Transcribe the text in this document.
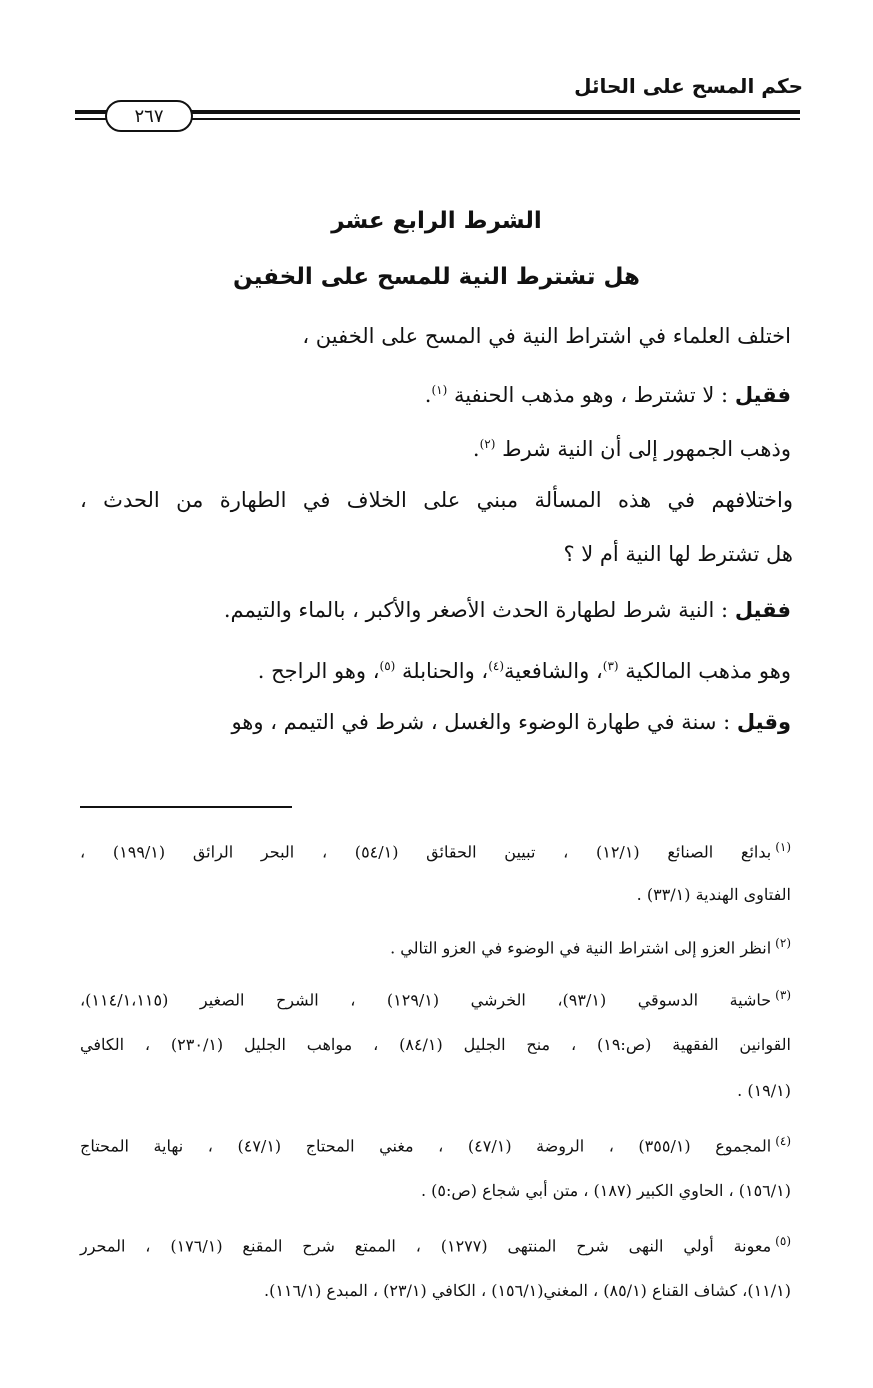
حكم المسح على الحائل
٢٦٧
الشرط الرابع عشر
هل تشترط النية للمسح على الخفين
اختلف العلماء في اشتراط النية في المسح على الخفين ،
فقيل : لا تشترط ، وهو مذهب الحنفية $^{(١)}$.
وذهب الجمهور إلى أن النية شرط $^{(٢)}$.
واختلافهم في هذه المسألة مبني على الخلاف في الطهارة من الحدث ،
هل تشترط لها النية أم لا ؟
فقيل : النية شرط لطهارة الحدث الأصغر والأكبر ، بالماء والتيمم.
وهو مذهب المالكية $^{(٣)}$، والشافعية$^{(٤)}$، والحنابلة $^{(٥)}$، وهو الراجح .
وقيل : سنة في طهارة الوضوء والغسل ، شرط في التيمم ، وهو
$^{(١)}$بدائع الصنائع (١٢/١) ، تبيين الحقائق (٥٤/١) ، البحر الرائق (١٩٩/١) ،
الفتاوى الهندية (٣٣/١) .
$^{(٢)}$انظر العزو إلى اشتراط النية في الوضوء في العزو التالي .
$^{(٣)}$حاشية الدسوقي (٩٣/١)، الخرشي (١٢٩/١) ، الشرح الصغير (١١٤/١،١١٥)،
القوانين الفقهية (ص:١٩) ، منح الجليل (٨٤/١) ، مواهب الجليل (٢٣٠/١) ، الكافي
(١٩/١) .
$^{(٤)}$المجموع (٣٥٥/١) ، الروضة (٤٧/١) ، مغني المحتاج (٤٧/١) ، نهاية المحتاج
(١٥٦/١) ، الحاوي الكبير (١٨٧) ، متن أبي شجاع (ص:٥) .
$^{(٥)}$معونة أولي النهى شرح المنتهى (١٢٧٧) ، الممتع شرح المقنع (١٧٦/١) ، المحرر
(١١/١)، كشاف القناع (٨٥/١) ، المغني(١٥٦/١) ، الكافي (٢٣/١) ، المبدع (١١٦/١).
